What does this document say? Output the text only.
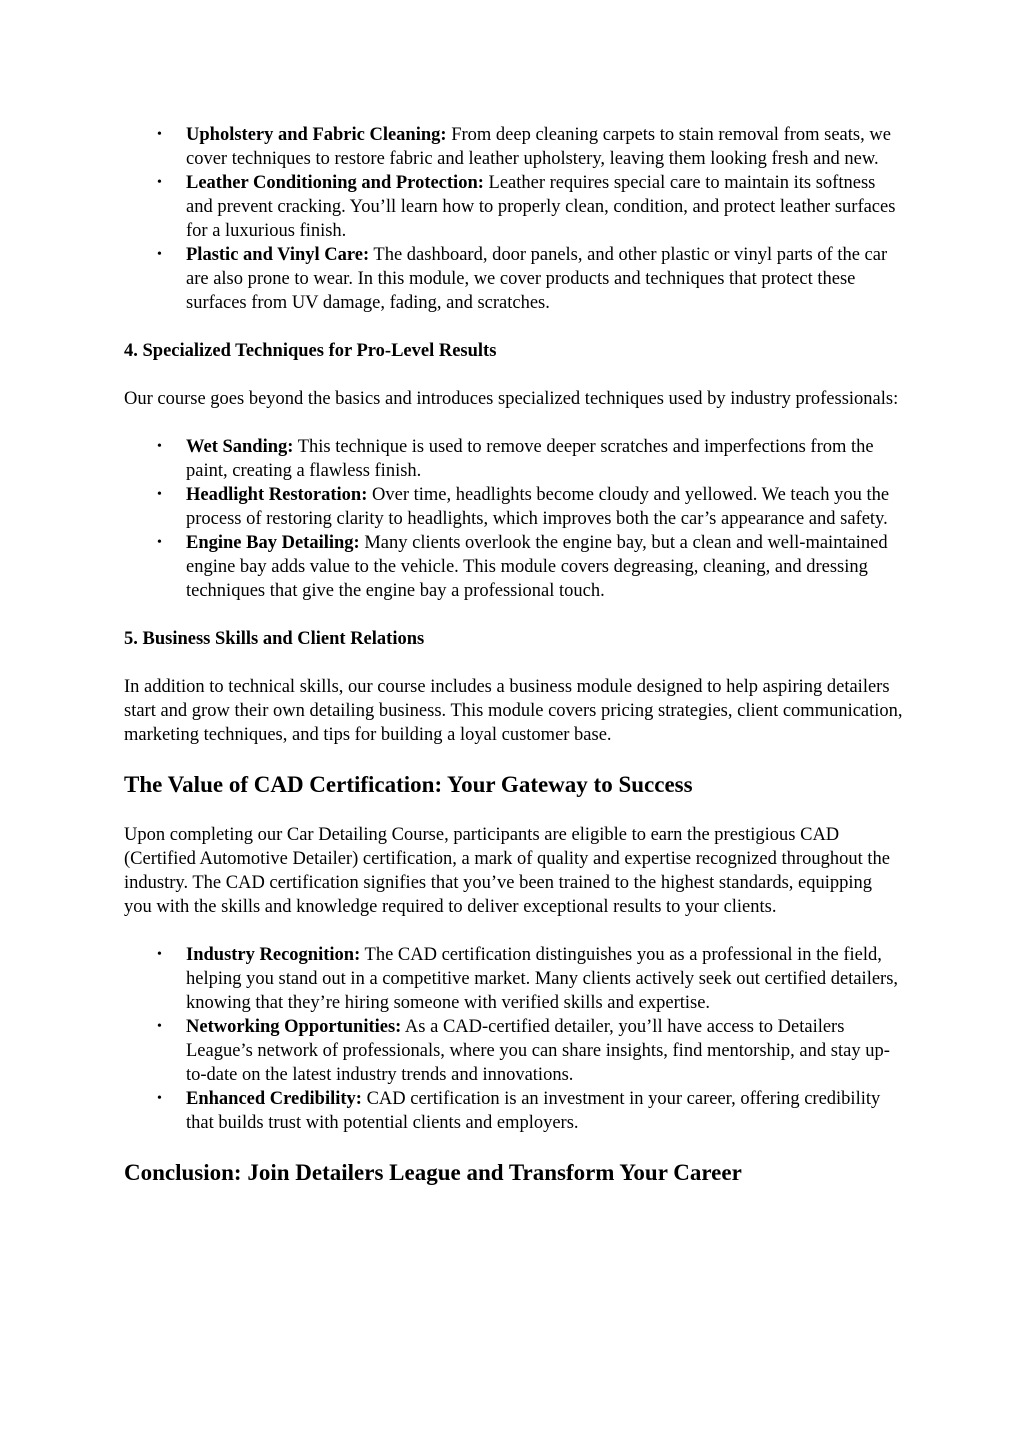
• Upholstery and Fabric Cleaning: From deep cleaning carpets to stain removal from seats, we cover techniques to restore fabric and leather upholstery, leaving them looking fresh and new.
• Leather Conditioning and Protection: Leather requires special care to maintain its softness and prevent cracking. You’ll learn how to properly clean, condition, and protect leather surfaces for a luxurious finish.
• Plastic and Vinyl Care: The dashboard, door panels, and other plastic or vinyl parts of the car are also prone to wear. In this module, we cover products and techniques that protect these surfaces from UV damage, fading, and scratches.
4. Specialized Techniques for Pro-Level Results

Our course goes beyond the basics and introduces specialized techniques used by industry professionals:

• Wet Sanding: This technique is used to remove deeper scratches and imperfections from the paint, creating a flawless finish.
• Headlight Restoration: Over time, headlights become cloudy and yellowed. We teach you the process of restoring clarity to headlights, which improves both the car’s appearance and safety.
• Engine Bay Detailing: Many clients overlook the engine bay, but a clean and well-maintained engine bay adds value to the vehicle. This module covers degreasing, cleaning, and dressing techniques that give the engine bay a professional touch.
5. Business Skills and Client Relations

In addition to technical skills, our course includes a business module designed to help aspiring detailers start and grow their own detailing business. This module covers pricing strategies, client communication, marketing techniques, and tips for building a loyal customer base.

The Value of CAD Certification: Your Gateway to Success

Upon completing our Car Detailing Course, participants are eligible to earn the prestigious CAD (Certified Automotive Detailer) certification, a mark of quality and expertise recognized throughout the industry. The CAD certification signifies that you’ve been trained to the highest standards, equipping you with the skills and knowledge required to deliver exceptional results to your clients.

• Industry Recognition: The CAD certification distinguishes you as a professional in the field, helping you stand out in a competitive market. Many clients actively seek out certified detailers, knowing that they’re hiring someone with verified skills and expertise.
• Networking Opportunities: As a CAD-certified detailer, you’ll have access to Detailers League’s network of professionals, where you can share insights, find mentorship, and stay up-to-date on the latest industry trends and innovations.
• Enhanced Credibility: CAD certification is an investment in your career, offering credibility that builds trust with potential clients and employers.
Conclusion: Join Detailers League and Transform Your Career
